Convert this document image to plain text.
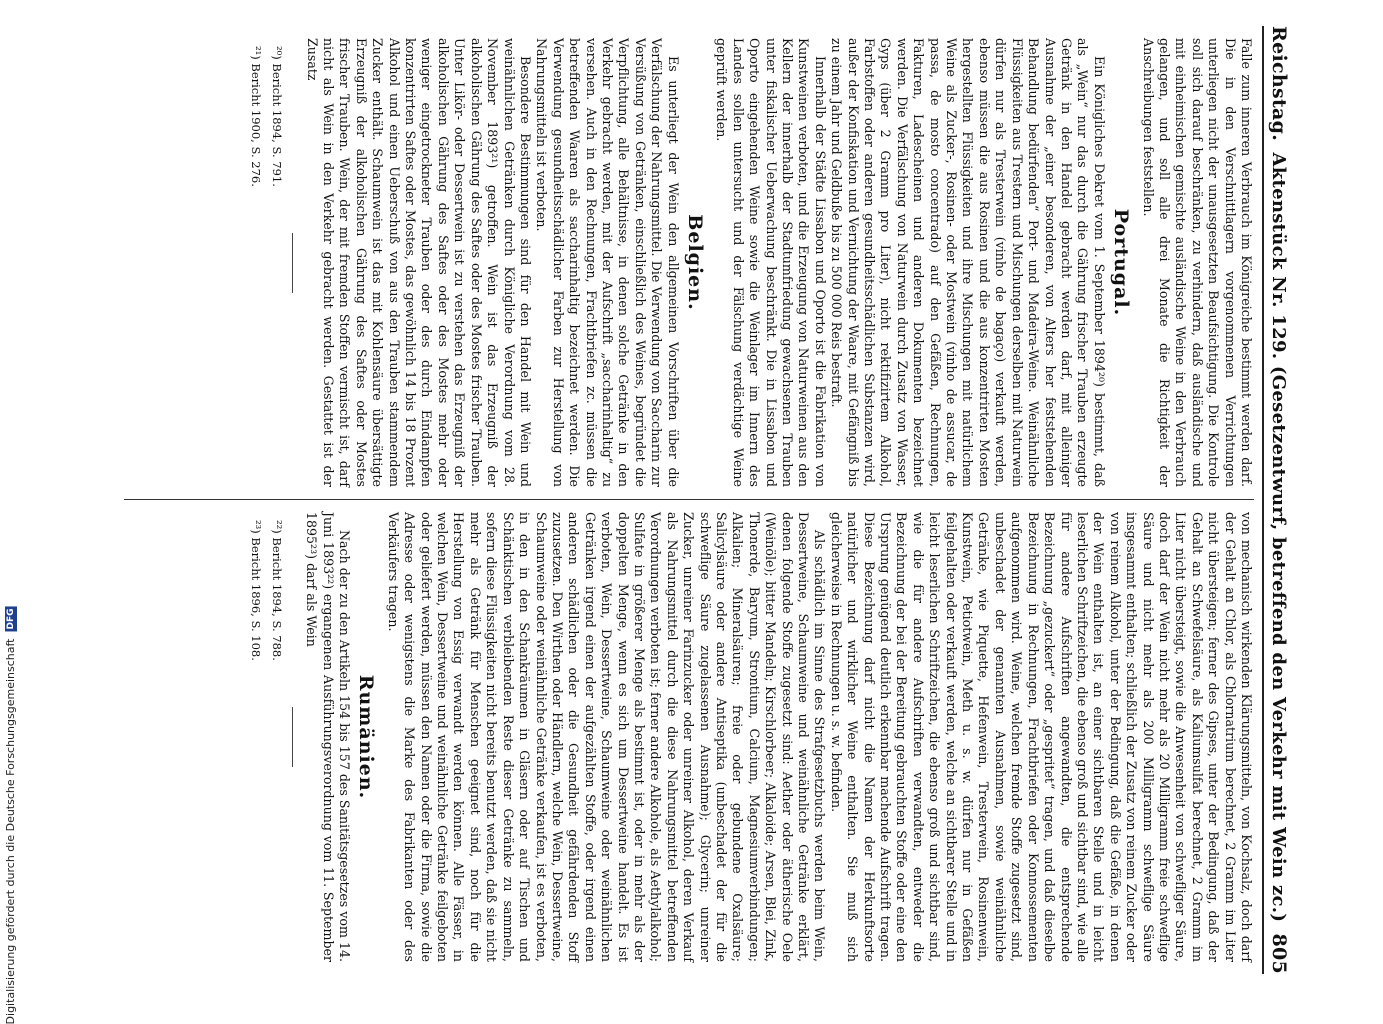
Reichstag.
Aktenstück Nr. 129. (Gesetzentwurf, betreffend den Verkehr mit Wein zc.)
805

Falle zum inneren Verbrauch im Königreiche bestimmt werden darf. Die in den Verschnittlagern vorgenommenen Verrichtungen unterliegen nicht der unausgesetzten Beaufsichtigung. Die Kontrole soll sich darauf beschränken, zu verhindern, daß ausländische und mit einheimischen gemischte ausländische Weine in den Verbrauch gelangen, und soll alle drei Monate die Richtigkeit der Anschreibungen feststellen.

Portugal.

Ein Königliches Dekret vom 1. September 1894²⁰) bestimmt, daß als „Wein“ nur das durch die Gährung frischer Trauben erzeugte Getränk in den Handel gebracht werden darf, mit alleiniger Ausnahme der „einer besonderen, von Alters her feststehenden Behandlung bedürfenden“ Port- und Madeira-Weine. Weinähnliche Flüssigkeiten aus Trestern und Mischungen derselben mit Naturwein dürfen nur als Tresterwein (vinho de bagaço) verkauft werden, ebenso müssen die aus Rosinen und die aus konzentrirten Mosten hergestellten Flüssigkeiten und ihre Mischungen mit natürlichem Weine als Zucker-, Rosinen- oder Mostwein (vinho de assucar, de passa, de mosto concentrado) auf den Gefäßen, Rechnungen, Fakturen, Ladescheinen und anderen Dokumenten bezeichnet werden. Die Verfälschung von Naturwein durch Zusatz von Wasser, Gyps (über 2 Gramm pro Liter), nicht rektifizirtem Alkohol, Farbstoffen oder anderen gesundheitsschädlichen Substanzen wird, außer der Konfiskation und Vernichtung der Waare, mit Gefängniß bis zu einem Jahr und Geldbuße bis zu 500 000 Reis bestraft.

Innerhalb der Städte Lissabon und Oporto ist die Fabrikation von Kunstweinen verboten, und die Erzeugung von Naturweinen aus den Kellern der innerhalb der Stadtumfriedung gewachsenen Trauben unter fiskalischer Ueberwachung beschränkt. Die in Lissabon und Oporto eingehenden Weine sowie die Weinlager im Innern des Landes sollen untersucht und der Fälschung verdächtige Weine geprüft werden.

Belgien.

Es unterliegt der Wein den allgemeinen Vorschriften über die Verfälschung der Nahrungsmittel. Die Verwendung von Saccharin zur Versüßung von Getränken, einschließlich des Weines, begründet die Verpflichtung, alle Behältnisse, in denen solche Getränke in den Verkehr gebracht werden, mit der Aufschrift „saccharinhaltig“ zu versehen. Auch in den Rechnungen, Frachtbriefen zc. müssen die betreffenden Waaren als saccharinhaltig bezeichnet werden. Die Verwendung gesundheitsschädlicher Farben zur Herstellung von Nahrungsmitteln ist verboten.

Besondere Bestimmungen sind für den Handel mit Wein und weinähnlichen Getränken durch Königliche Verordnung vom 28. November 1893²¹) getroffen. Wein ist das Erzeugniß der alkoholischen Gährung des Saftes oder des Mostes frischer Trauben. Unter Likör- oder Dessertwein ist zu verstehen das Erzeugniß der alkoholischen Gährung des Saftes oder des Mostes mehr oder weniger eingetrockneter Trauben oder des durch Eindampfen konzentrirten Saftes oder Mostes, das gewöhnlich 14 bis 18 Prozent Alkohol und einen Ueberschuß von aus den Trauben stammendem Zucker enthält. Schaumwein ist das mit Kohlensäure übersättigte Erzeugniß der alkoholischen Gährung des Saftes oder Mostes frischer Trauben. Wein, der mit fremden Stoffen vermischt ist, darf nicht als Wein in den Verkehr gebracht werden. Gestattet ist der Zusatz

²⁰) Bericht 1894, S. 791.
²¹) Bericht 1900, S. 276.

von mechanisch wirkenden Klärungsmitteln, von Kochsalz, doch darf der Gehalt an Chlor, als Chlornatrium berechnet, 2 Gramm im Liter nicht übersteigen; ferner des Gipses, unter der Bedingung, daß der Gehalt an Schwefelsäure, als Kaliumsulfat berechnet, 2 Gramm im Liter nicht übersteigt, sowie die Anwesenheit von schwefliger Säure, doch darf der Wein nicht mehr als 20 Milligramm freie schweflige Säure und nicht mehr als 200 Milligramm schweflige Säure insgesammt enthalten; schließlich der Zusatz von reinem Zucker oder von reinem Alkohol, unter der Bedingung, daß die Gefäße, in denen der Wein enthalten ist, an einer sichtbaren Stelle und in leicht leserlichen Schriftzeichen, die ebenso groß und sichtbar sind, wie alle für andere Aufschriften angewandten, die entsprechende Bezeichnung „gezuckert“ oder „gespritet“ tragen, und daß dieselbe Bezeichnung in Rechnungen, Frachtbriefen oder Konnossementen aufgenommen wird. Weine, welchen fremde Stoffe zugesetzt sind, unbeschadet der genannten Ausnahmen, sowie weinähnliche Getränke, wie Piquette, Hefenwein, Tresterwein, Rosinenwein, Kunstwein, Petiotwein, Meth u. s. w. dürfen nur in Gefäßen feilgehalten oder verkauft werden, welche an sichtbarer Stelle und in leicht leserlichen Schriftzeichen, die ebenso groß und sichtbar sind, wie die für andere Aufschriften verwandten, entweder die Bezeichnung der bei der Bereitung gebrauchten Stoffe oder eine den Ursprung genügend deutlich erkennbar machende Aufschrift tragen. Diese Bezeichnung darf nicht die Namen der Herkunftsorte natürlicher und wirklicher Weine enthalten. Sie muß sich gleicherweise in Rechnungen u. s. w. befinden.

Als schädlich im Sinne des Strafgesetzbuchs werden beim Wein, Dessertweine, Schaumweine und weinähnliche Getränke erklärt, denen folgende Stoffe zugesetzt sind: Aether oder ätherische Oele (Weinöle); bitter Mandeln; Kirschlorbeer; Alkaloide; Arsen, Blei, Zink, Thonerde, Baryum, Strontium, Calcium, Magnesiumverbindungen; Alkalien; Mineralsäuren; freie oder gebundene Oxalsäure; Salicylsäure oder andere Antiseptika (unbeschadet der für die schweflige Säure zugelassenen Ausnahme); Glycerin; unreiner Zucker, unreiner Farinzucker oder unreiner Alkohol, deren Verkauf als Nahrungsmittel durch die diese Nahrungsmittel betreffenden Verordnungen verboten ist; ferner andere Alkohole, als Aethylalkohol; Sulfate in größerer Menge als bestimmt ist, oder in mehr als der doppelten Menge, wenn es sich um Dessertweine handelt. Es ist verboten, Wein, Dessertweine, Schaumweine oder weinähnlichen Getränken irgend einen der aufgezählten Stoffe, oder irgend einen anderen schädlichen oder die Gesundheit gefährdenden Stoff zuzusetzen. Den Wirthen oder Händlern, welche Wein, Dessertweine, Schaumweine oder weinähnliche Getränke verkaufen, ist es verboten, in den in den Schankräumen in Gläsern oder auf Tischen und Schänktischen verbleibenden Reste dieser Getränke zu sammeln, sofern diese Flüssigkeiten nicht bereits benutzt werden, daß sie nicht mehr als Getränk für Menschen geeignet sind, noch für die Herstellung von Essig verwandt werden können. Alle Fässer, in welchen Wein, Dessertweine und weinähnliche Getränke feilgeboten oder geliefert werden, müssen den Namen oder die Firma, sowie die Adresse oder wenigstens die Marke des Fabrikanten oder des Verkäufers tragen.

Rumänien.

Nach der zu den Artikeln 154 bis 157 des Sanitätsgesetzes vom 14. Juni 1893²²) ergangenen Ausführungsverordnung vom 11. September 1895²³) darf als Wein

²²) Bericht 1894, S. 788.
²³) Bericht 1896, S. 108.
Digitalisierung gefördert durch die Deutsche Forschungsgemeinschaft DFG
